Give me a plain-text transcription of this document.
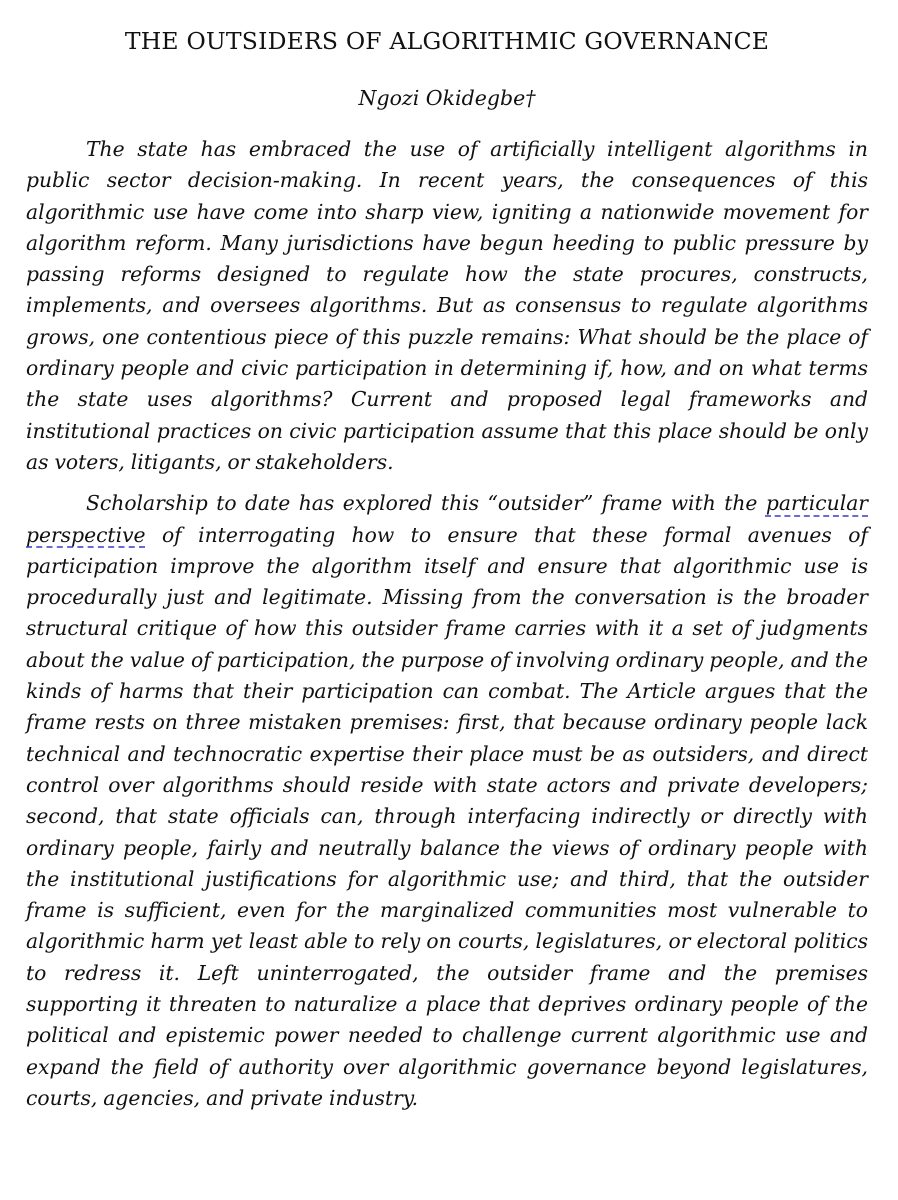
THE OUTSIDERS OF ALGORITHMIC GOVERNANCE
Ngozi Okidegbe†

The state has embraced the use of artificially intelligent algorithms in public sector decision-making. In recent years, the consequences of this algorithmic use have come into sharp view, igniting a nationwide movement for algorithm reform. Many jurisdictions have begun heeding to public pressure by passing reforms designed to regulate how the state procures, constructs, implements, and oversees algorithms. But as consensus to regulate algorithms grows, one contentious piece of this puzzle remains: What should be the place of ordinary people and civic participation in determining if, how, and on what terms the state uses algorithms? Current and proposed legal frameworks and institutional practices on civic participation assume that this place should be only as voters, litigants, or stakeholders.

Scholarship to date has explored this “outsider” frame with the particular perspective of interrogating how to ensure that these formal avenues of participation improve the algorithm itself and ensure that algorithmic use is procedurally just and legitimate. Missing from the conversation is the broader structural critique of how this outsider frame carries with it a set of judgments about the value of participation, the purpose of involving ordinary people, and the kinds of harms that their participation can combat. The Article argues that the frame rests on three mistaken premises: first, that because ordinary people lack technical and technocratic expertise their place must be as outsiders, and direct control over algorithms should reside with state actors and private developers; second, that state officials can, through interfacing indirectly or directly with ordinary people, fairly and neutrally balance the views of ordinary people with the institutional justifications for algorithmic use; and third, that the outsider frame is sufficient, even for the marginalized communities most vulnerable to algorithmic harm yet least able to rely on courts, legislatures, or electoral politics to redress it. Left uninterrogated, the outsider frame and the premises supporting it threaten to naturalize a place that deprives ordinary people of the political and epistemic power needed to challenge current algorithmic use and expand the field of authority over algorithmic governance beyond legislatures, courts, agencies, and private industry.
